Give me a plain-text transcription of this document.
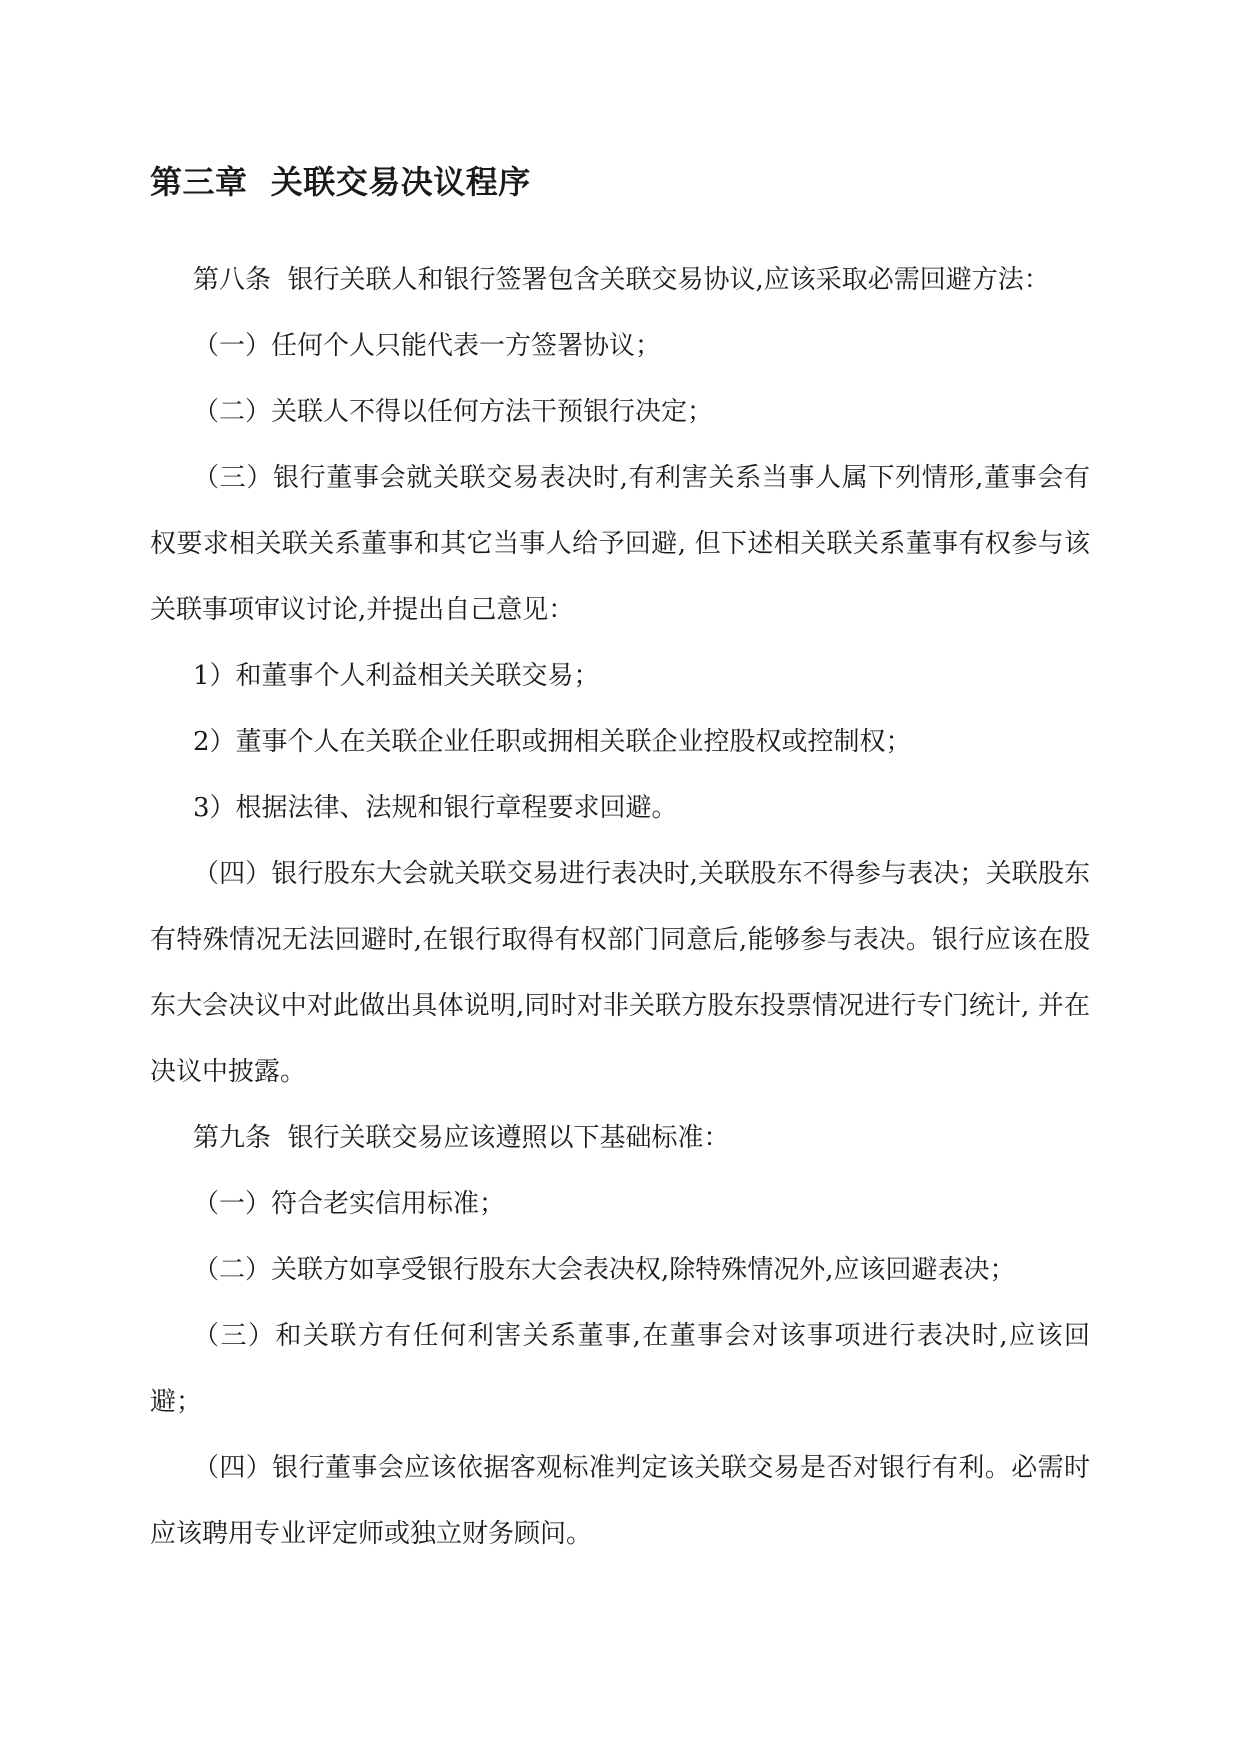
第三章  关联交易决议程序

第八条  银行关联人和银行签署包含关联交易协议,应该采取必需回避方法：

（一）任何个人只能代表一方签署协议；

（二）关联人不得以任何方法干预银行决定；

（三）银行董事会就关联交易表决时,有利害关系当事人属下列情形,董事会有权要求相关联关系董事和其它当事人给予回避, 但下述相关联关系董事有权参与该关联事项审议讨论,并提出自己意见：

1）和董事个人利益相关关联交易；

2）董事个人在关联企业任职或拥相关联企业控股权或控制权；

3）根据法律、法规和银行章程要求回避。

（四）银行股东大会就关联交易进行表决时,关联股东不得参与表决；关联股东有特殊情况无法回避时,在银行取得有权部门同意后,能够参与表决。银行应该在股东大会决议中对此做出具体说明,同时对非关联方股东投票情况进行专门统计, 并在决议中披露。

第九条  银行关联交易应该遵照以下基础标准：

（一）符合老实信用标准；

（二）关联方如享受银行股东大会表决权,除特殊情况外,应该回避表决；

（三）和关联方有任何利害关系董事,在董事会对该事项进行表决时,应该回避；

（四）银行董事会应该依据客观标准判定该关联交易是否对银行有利。必需时应该聘用专业评定师或独立财务顾问。
